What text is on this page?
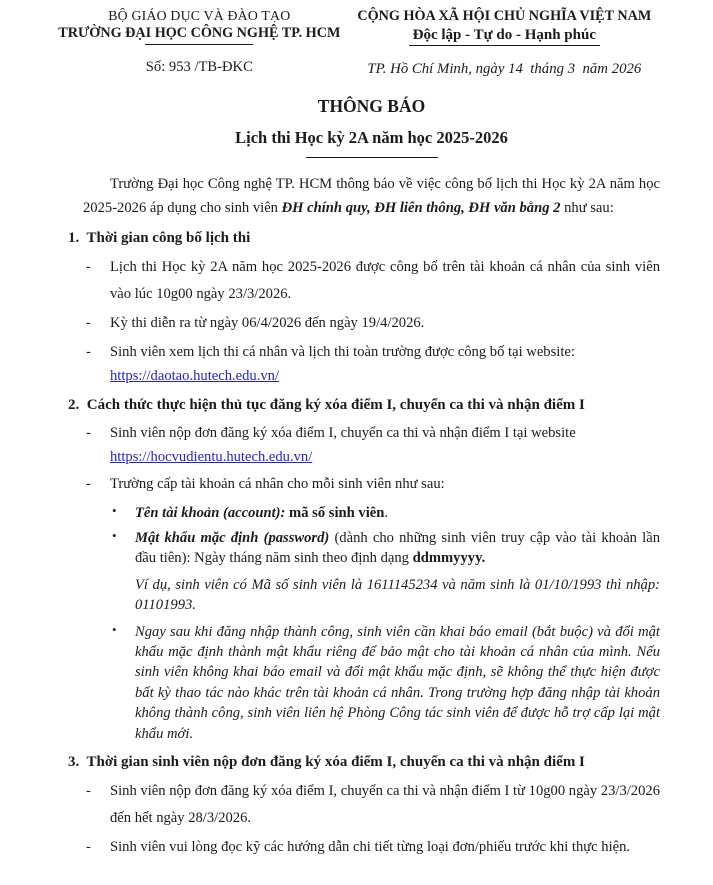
BỘ GIÁO DỤC VÀ ĐÀO TẠO
TRƯỜNG ĐẠI HỌC CÔNG NGHỆ TP. HCM
Số: 953 /TB-ĐKC
CỘNG HÒA XÃ HỘI CHỦ NGHĨA VIỆT NAM
Độc lập - Tự do - Hạnh phúc
TP. Hồ Chí Minh, ngày 14  tháng 3  năm 2026
THÔNG BÁO
Lịch thi Học kỳ 2A năm học 2025-2026

Trường Đại học Công nghệ TP. HCM thông báo về việc công bố lịch thi Học kỳ 2A năm học 2025-2026 áp dụng cho sinh viên ĐH chính quy, ĐH liên thông, ĐH văn bằng 2 như sau:

1.  Thời gian công bố lịch thi
- Lịch thi Học kỳ 2A năm học 2025-2026 được công bố trên tài khoản cá nhân của sinh viên vào lúc 10g00 ngày 23/3/2026.
- Kỳ thi diễn ra từ ngày 06/4/2026 đến ngày 19/4/2026.
- Sinh viên xem lịch thi cá nhân và lịch thi toàn trường được công bố tại website:
https://daotao.hutech.edu.vn/
2.  Cách thức thực hiện thủ tục đăng ký xóa điểm I, chuyển ca thi và nhận điểm I
- Sinh viên nộp đơn đăng ký xóa điểm I, chuyển ca thi và nhận điểm I tại website
https://hocvudientu.hutech.edu.vn/
- Trường cấp tài khoản cá nhân cho mỗi sinh viên như sau:
• Tên tài khoản (account): mã số sinh viên.
• Mật khẩu mặc định (password) (dành cho những sinh viên truy cập vào tài khoản lần đầu tiên): Ngày tháng năm sinh theo định dạng ddmmyyyy.

Ví dụ, sinh viên có Mã số sinh viên là 1611145234 và năm sinh là 01/10/1993 thì nhập: 01101993.

• Ngay sau khi đăng nhập thành công, sinh viên cần khai báo email (bắt buộc) và đổi mật khẩu mặc định thành mật khẩu riêng để bảo mật cho tài khoản cá nhân của mình. Nếu sinh viên không khai báo email và đổi mật khẩu mặc định, sẽ không thể thực hiện được bất kỳ thao tác nào khác trên tài khoản cá nhân. Trong trường hợp đăng nhập tài khoản không thành công, sinh viên liên hệ Phòng Công tác sinh viên để được hỗ trợ cấp lại mật khẩu mới.
3.  Thời gian sinh viên nộp đơn đăng ký xóa điểm I, chuyển ca thi và nhận điểm I
- Sinh viên nộp đơn đăng ký xóa điểm I, chuyển ca thi và nhận điểm I từ 10g00 ngày 23/3/2026 đến hết ngày 28/3/2026.
- Sinh viên vui lòng đọc kỹ các hướng dẫn chi tiết từng loại đơn/phiếu trước khi thực hiện.
